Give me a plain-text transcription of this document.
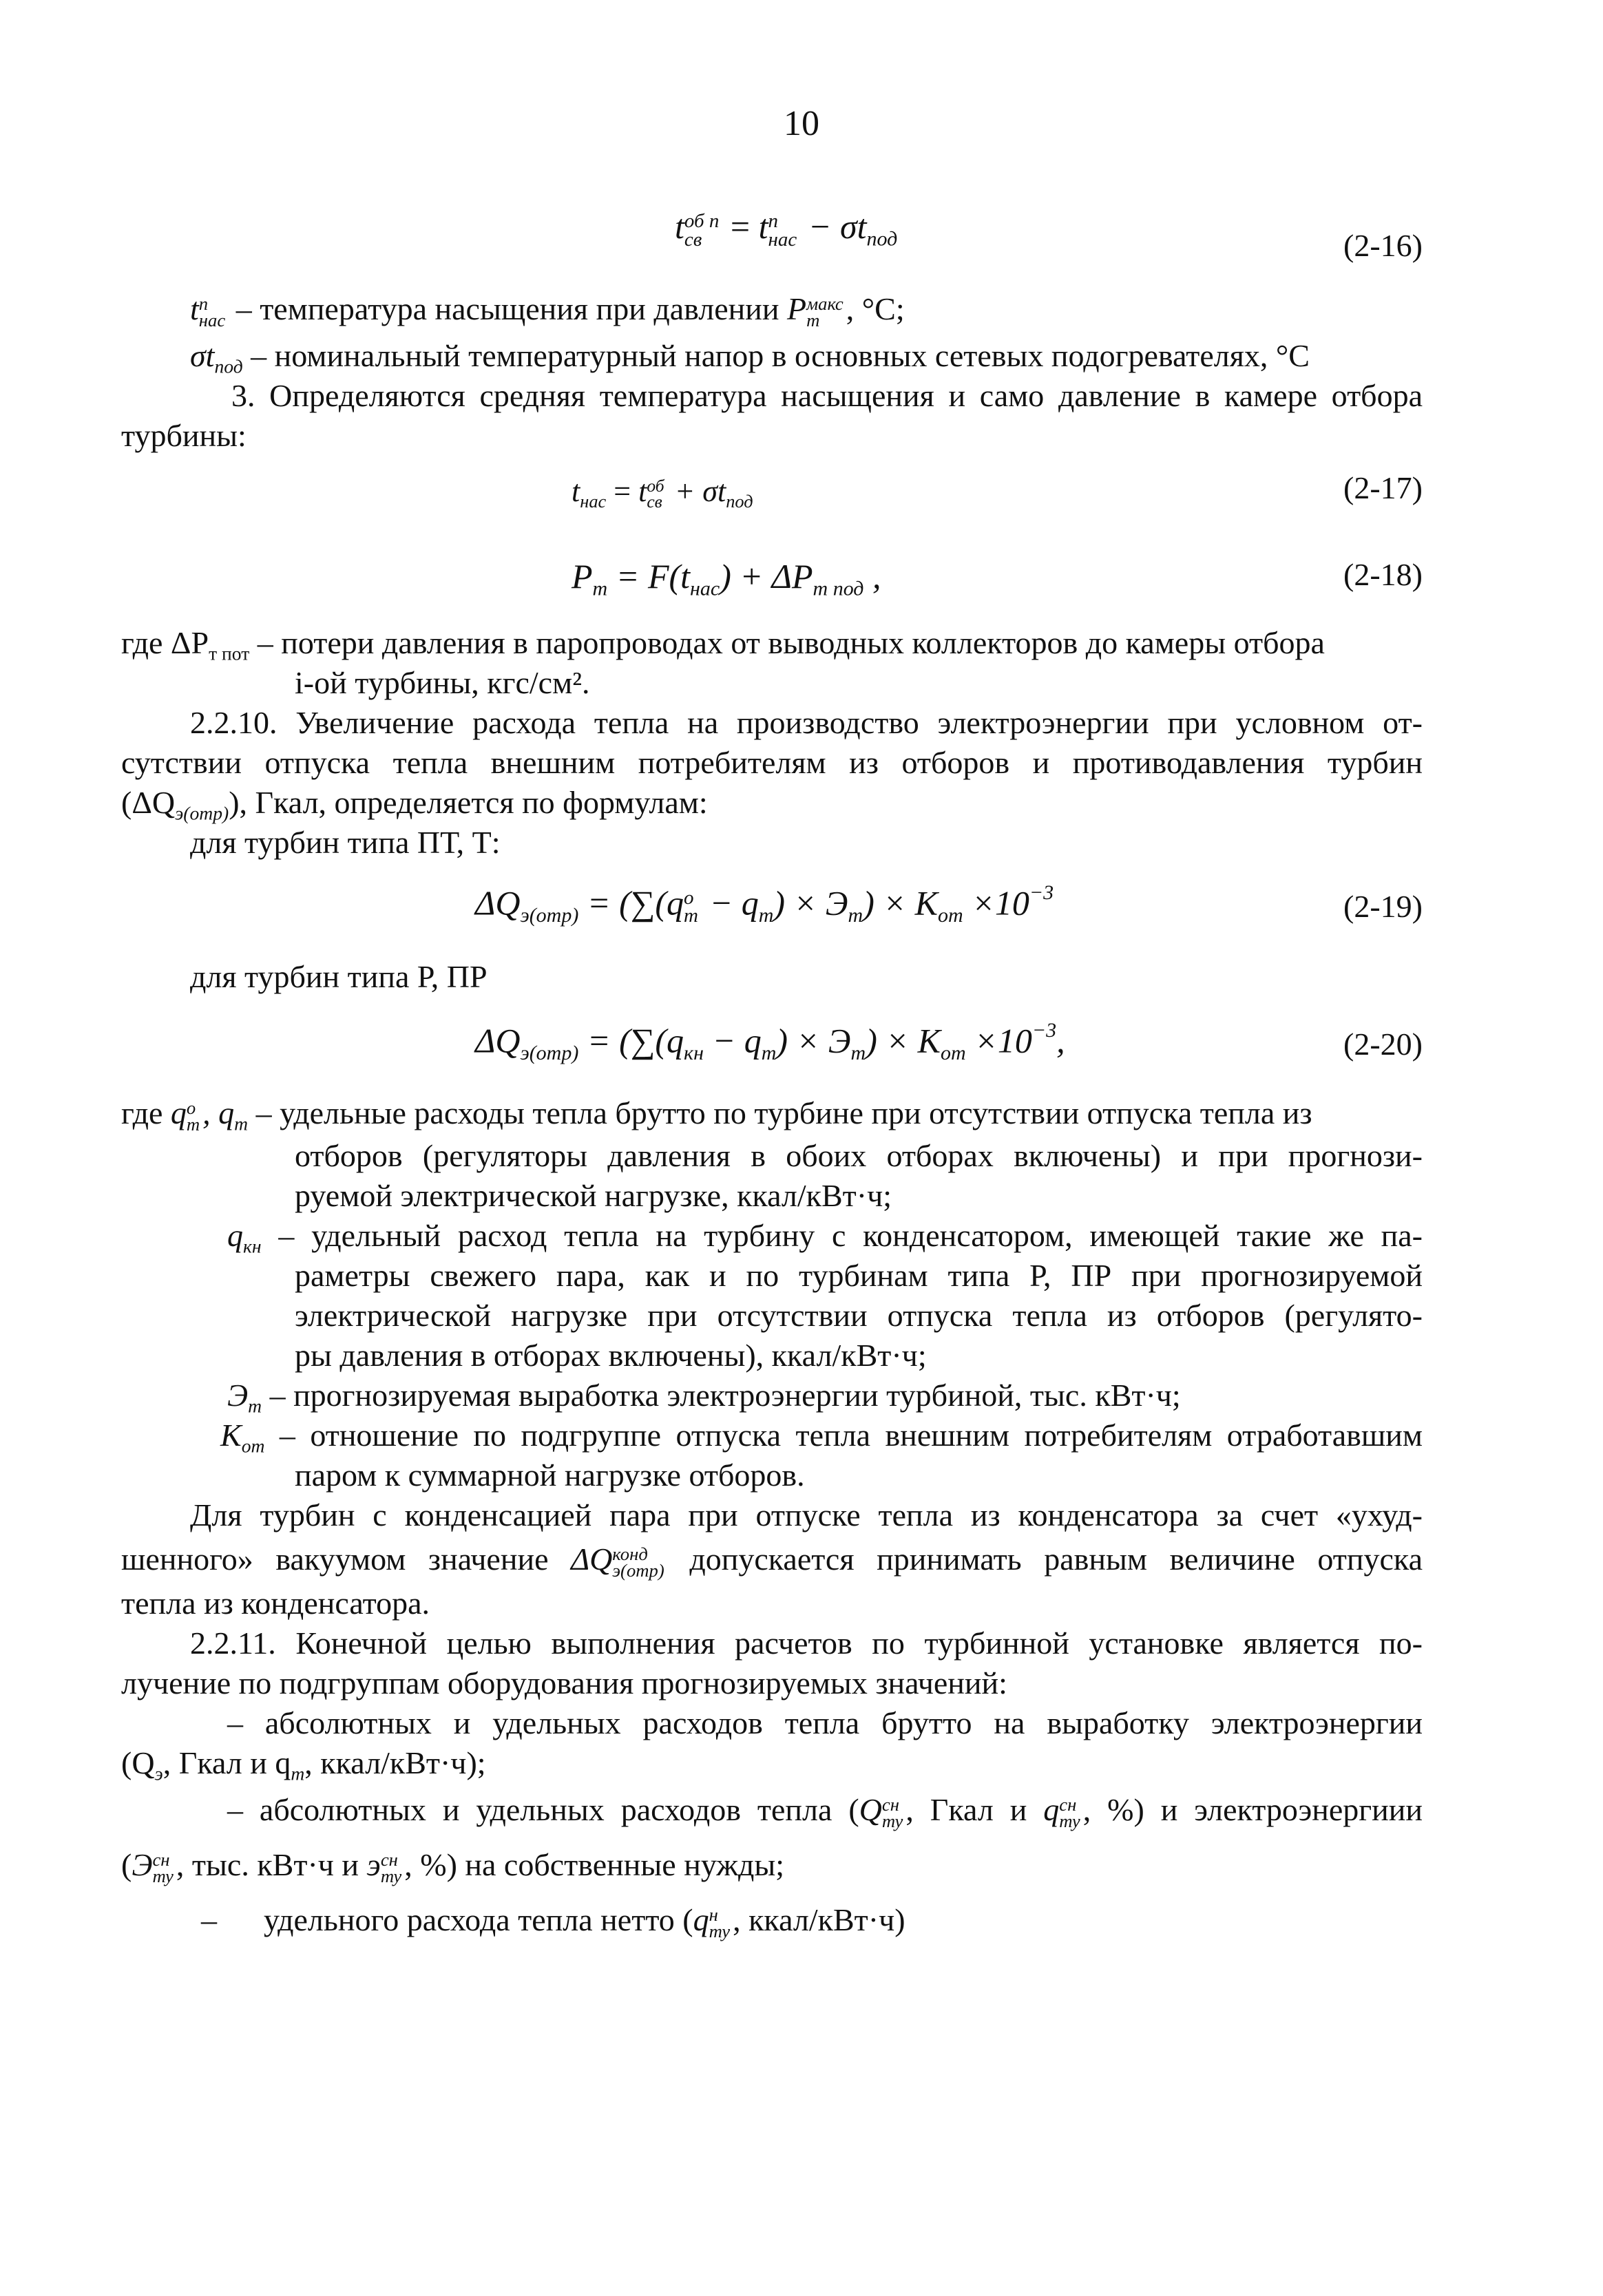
10
t об п
св = t п
нас − $\sigma t_{под}$	(2-16)
t п
нас – температура насыщения при давлении P макс
т , °С;
$\sigma t_{под}$ – номинальный температурный напор в основных сетевых подогревателях, °С
3. Определяются средняя температура насыщения и само давление в камере отбора
турбины:
$t_{нас} = t$ об
св + $\sigma t_{под}$	(2-17)
$P_т = F(t_{нас}) + \Delta P_{т под}$ ,	(2-18)
где $\Delta P_{т пот}$ – потери давления в паропроводах от выводных коллекторов до камеры отбора
i-ой турбины, кгс/см².
2.2.10. Увеличение расхода тепла на производство электроэнергии при условном от-
сутствии отпуска тепла внешним потребителям из отборов и противодавления турбин
$(\Delta Q_{э(отр)})$, Гкал, определяется по формулам:
для турбин типа ПТ, Т:
$\Delta Q_{э(отр)} = (\sum(q$ о
$т - q_т) \times Э_т) \times K_{от} \times 10^{-3}$	(2-19)
для турбин типа Р, ПР
$\Delta Q_{э(отр)} = (\sum(q_{кн} - q_т) \times Э_т) \times K_{от} \times 10^{-3}$,	(2-20)
где q о
т , $q_т$ – удельные расходы тепла брутто по турбине при отсутствии отпуска тепла из
отборов (регуляторы давления в обоих отборах включены) и при прогнози-
руемой электрической нагрузке, ккал/кВт·ч;
$q_{кн}$ – удельный расход тепла на турбину с конденсатором, имеющей такие же па-
раметры свежего пара, как и по турбинам типа Р, ПР при прогнозируемой
электрической нагрузке при отсутствии отпуска тепла из отборов (регулято-
ры давления в отборах включены), ккал/кВт·ч;
$Э_т$ – прогнозируемая выработка электроэнергии турбиной, тыс. кВт·ч;
$K_{от}$ – отношение по подгруппе отпуска тепла внешним потребителям отработавшим
паром к суммарной нагрузке отборов.
Для турбин с конденсацией пара при отпуске тепла из конденсатора за счет «ухуд-
шенного» вакуумом значение ΔQ конд
э(отр) допускается принимать равным величине отпуска
тепла из конденсатора.
2.2.11. Конечной целью выполнения расчетов по турбинной установке является по-
лучение по подгруппам оборудования прогнозируемых значений:
– абсолютных и удельных расходов тепла брутто на выработку электроэнергии
($Q_э$, Гкал и $q_т$, ккал/кВт·ч);
– абсолютных и удельных расходов тепла (Q сн
ту , Гкал и q сн
ту , %) и электроэнергиии
(Э сн
ту , тыс. кВт·ч и э сн
ту , %) на собственные нужды;
– удельного расхода тепла нетто (q н
ту , ккал/кВт·ч)
